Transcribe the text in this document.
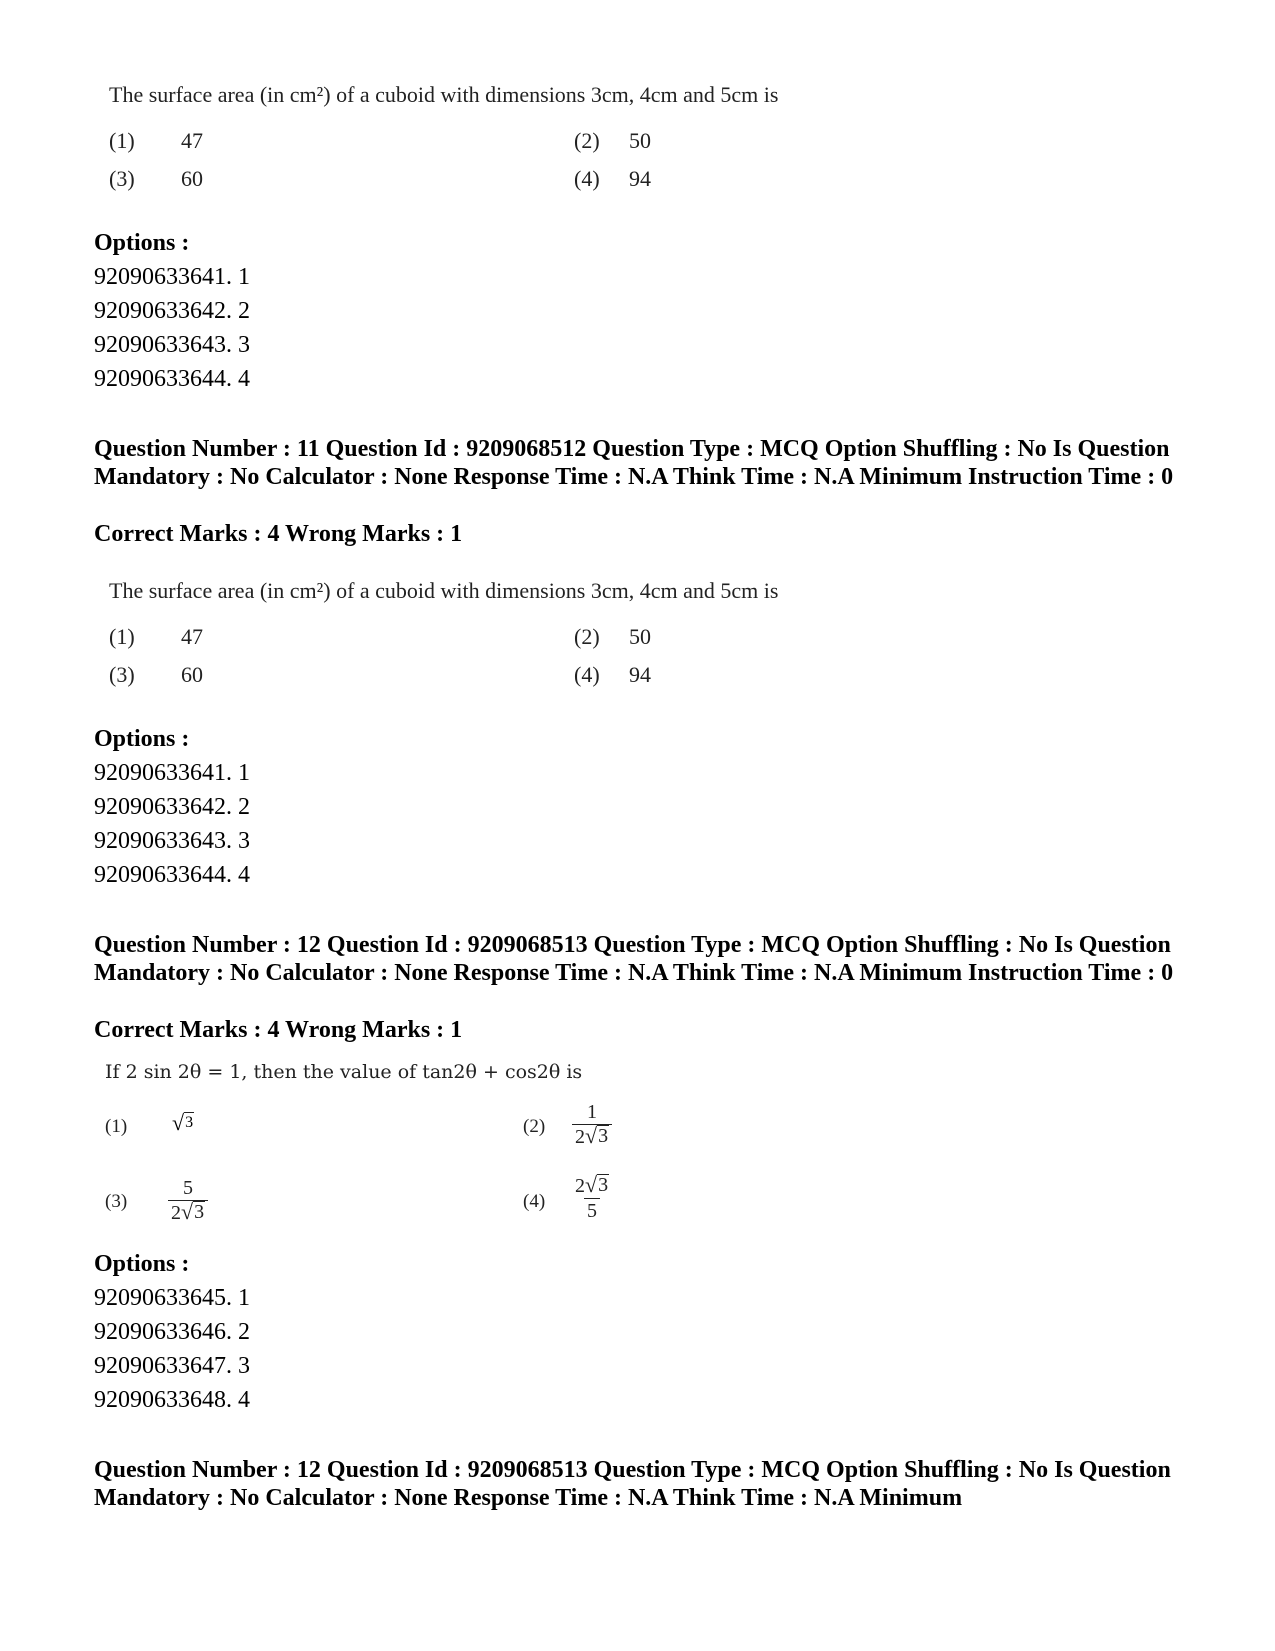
The surface area (in cm²) of a cuboid with dimensions 3cm, 4cm and 5cm is
(1) 47	(2) 50
(3) 60	(4) 94
Options :
92090633641. 1
92090633642. 2
92090633643. 3
92090633644. 4
Question Number : 11 Question Id : 9209068512 Question Type : MCQ Option Shuffling : No Is Question Mandatory : No Calculator : None Response Time : N.A Think Time : N.A Minimum Instruction Time : 0
Correct Marks : 4 Wrong Marks : 1
The surface area (in cm²) of a cuboid with dimensions 3cm, 4cm and 5cm is
(1) 47	(2) 50
(3) 60	(4) 94
Options :
92090633641. 1
92090633642. 2
92090633643. 3
92090633644. 4
Question Number : 12 Question Id : 9209068513 Question Type : MCQ Option Shuffling : No Is Question Mandatory : No Calculator : None Response Time : N.A Think Time : N.A Minimum Instruction Time : 0
Correct Marks : 4 Wrong Marks : 1
If 2 sin 2θ = 1, then the value of tan2θ + cos2θ is
(1) √ 3	$(2) \frac{1}{2 √ 3}$
$(3) \frac{5}{2 √ 3}$	$(4) \frac{2 √ 3}{5}$
Options :
92090633645. 1
92090633646. 2
92090633647. 3
92090633648. 4
Question Number : 12 Question Id : 9209068513 Question Type : MCQ Option Shuffling : No Is Question Mandatory : No Calculator : None Response Time : N.A Think Time : N.A Minimum
